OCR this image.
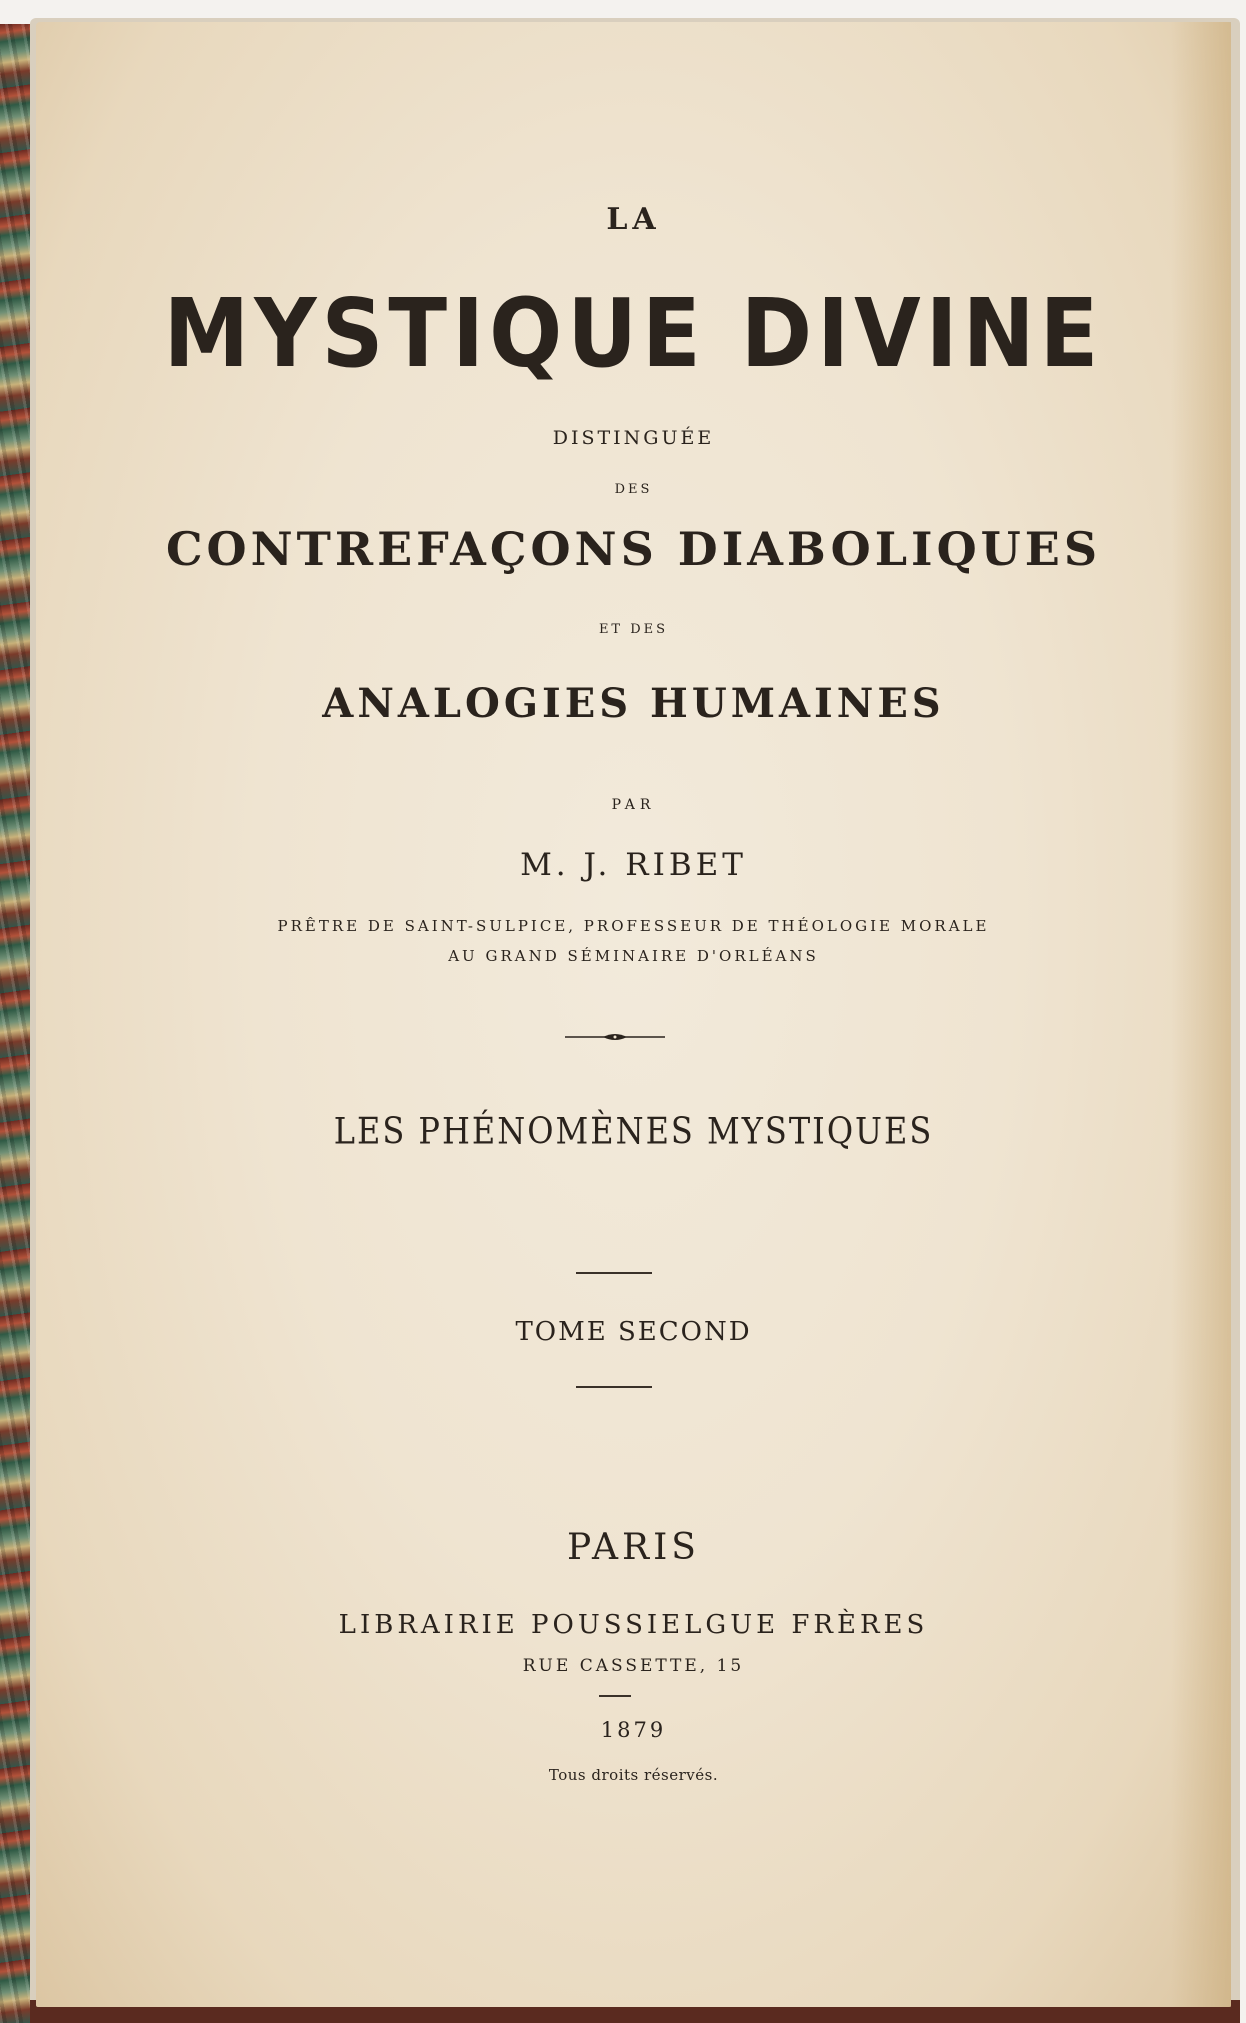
LA
MYSTIQUE DIVINE
DISTINGUÉE
DES
CONTREFAÇONS DIABOLIQUES
ET DES
ANALOGIES HUMAINES
PAR
M. J. RIBET
PRÊTRE DE SAINT-SULPICE, PROFESSEUR DE THÉOLOGIE MORALE
AU GRAND SÉMINAIRE D'ORLÉANS
LES PHÉNOMÈNES MYSTIQUES
TOME SECOND
PARIS
LIBRAIRIE POUSSIELGUE FRÈRES
RUE CASSETTE, 15
1879
Tous droits réservés.
